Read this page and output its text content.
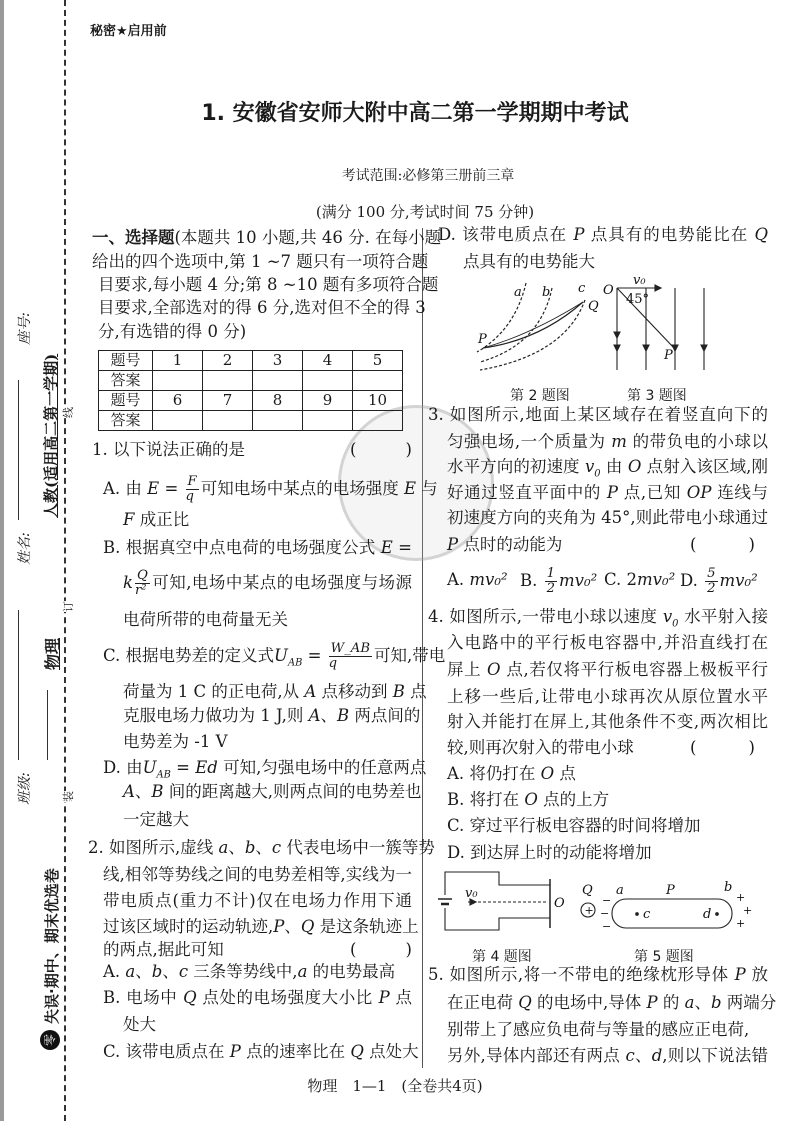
座号:
姓名:
班级:
人教(适用高二第一学期)
物理
零
失误·期中、期末优选卷
装
订
线
秘密★启用前
1. 安徽省安师大附中高二第一学期期中考试
考试范围:必修第三册前三章
(满分 100 分,考试时间 75 分钟)
题号	1	2	3	4	5
答案					
题号	6	7	8	9	10
答案					
一、选择题(本题共 10 小题,共 46 分. 在每小题
给出的四个选项中,第 1 ~7 题只有一项符合题
目要求,每小题 4 分;第 8 ~10 题有多项符合题
目要求,全部选对的得 6 分,选对但不全的得 3
分,有选错的得 0 分)
1. 以下说法正确的是
A. 由 $E = \frac{F}{q}$ 可知电场中某点的电场强度 E 与
F 成正比
B. 根据真空中点电荷的电场强度公式 E =
k $\frac{Q}{\text{r²}}$ 可知,电场中某点的电场强度与场源
电荷所带的电荷量无关
C. 根据电势差的定义式$U_{AB} = \frac{W\_AB}{q}$ 可知,带电
荷量为 1 C 的正电荷,从 A 点移动到 B 点
克服电场力做功为 1 J,则 A、B 两点间的
电势差为 -1 V
D. 由$U_{AB} = Ed$ 可知,匀强电场中的任意两点
A、B 间的距离越大,则两点间的电势差也
一定越大
2. 如图所示,虚线 a、b、c 代表电场中一簇等势
线,相邻等势线之间的电势差相等,实线为一
带电质点(重力不计)仅在电场力作用下通
过该区域时的运动轨迹,P、Q 是这条轨迹上
的两点,据此可知
A. a、b、c 三条等势线中,a 的电势最高
B. 电场中 Q 点处的电场强度大小比 P 点
处大
C. 该带电质点在 P 点的速率比在 Q 点处大
D. 该带电质点在 P 点具有的电势能比在 Q
点具有的电势能大
3. 如图所示,地面上某区域存在着竖直向下的
匀强电场,一个质量为 m 的带负电的小球以
水平方向的初速度 $v_0$ 由 O 点射入该区域,刚
好通过竖直平面中的 P 点,已知 OP 连线与
初速度方向的夹角为 45°,则此带电小球通过
P 点时的动能为
A. mv₀² B. $\frac{1}{2} mv_0^2$ C. 2mv₀² D. $\frac{5}{2} mv_0^2$
4. 如图所示,一带电小球以速度 $v_0$ 水平射入接
入电路中的平行板电容器中,并沿直线打在
屏上 O 点,若仅将平行板电容器上极板平行
上移一些后,让带电小球再次从原位置水平
射入并能打在屏上,其他条件不变,两次相比
较,则再次射入的带电小球
A. 将仍打在 O 点
B. 将打在 O 点的上方
C. 穿过平行板电容器的时间将增加
D. 到达屏上时的动能将增加
5. 如图所示,将一不带电的绝缘枕形导体 P 放
在正电荷 Q 的电场中,导体 P 的 a、b 两端分
别带上了感应负电荷与等量的感应正电荷,
另外,导体内部还有两点 c、d,则以下说法错
(　　)
(　　)
(　　)
(　　)
a b c
P
Q
O
v₀
45°
P
v₀
O +
Q a	P	b
−
−
−
+
+
+
c	d
第 2 题图	第 3 题图
第 4 题图	第 5 题图
物理　1—1　(全卷共4页)
